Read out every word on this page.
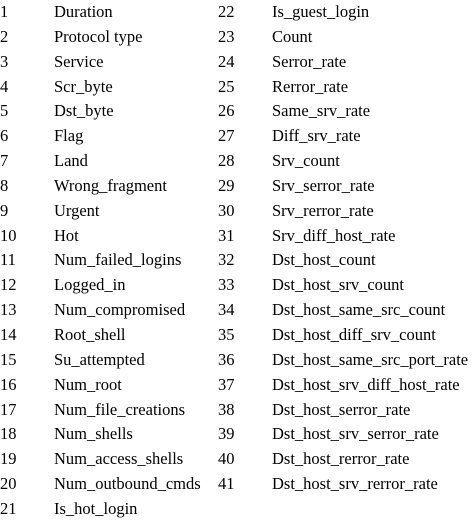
1	Duration	22	Is_guest_login
2	Protocol type	23	Count
3	Service	24	Serror_rate
4	Scr_byte	25	Rerror_rate
5	Dst_byte	26	Same_srv_rate
6	Flag	27	Diff_srv_rate
7	Land	28	Srv_count
8	Wrong_fragment	29	Srv_serror_rate
9	Urgent	30	Srv_rerror_rate
10	Hot	31	Srv_diff_host_rate
11	Num_failed_logins	32	Dst_host_count
12	Logged_in	33	Dst_host_srv_count
13	Num_compromised	34	Dst_host_same_src_count
14	Root_shell	35	Dst_host_diff_srv_count
15	Su_attempted	36	Dst_host_same_src_port_rate
16	Num_root	37	Dst_host_srv_diff_host_rate
17	Num_file_creations	38	Dst_host_serror_rate
18	Num_shells	39	Dst_host_srv_serror_rate
19	Num_access_shells	40	Dst_host_rerror_rate
20	Num_outbound_cmds	41	Dst_host_srv_rerror_rate
21	Is_hot_login		
